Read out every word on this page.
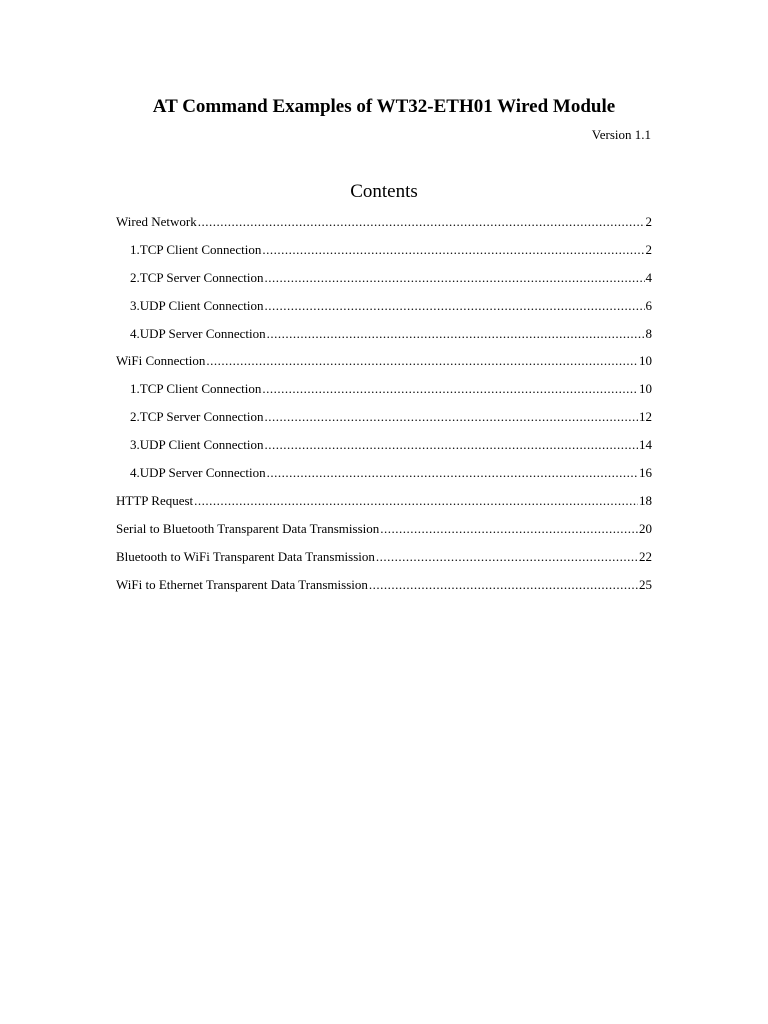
AT Command Examples of WT32-ETH01 Wired Module
Version 1.1
Contents
Wired Network .....	2
1.TCP Client Connection .....	2
2.TCP Server Connection .....	4
3.UDP Client Connection .....	6
4.UDP Server Connection .....	8
WiFi Connection .....	10
1.TCP Client Connection .....	10
2.TCP Server Connection .....	12
3.UDP Client Connection .....	14
4.UDP Server Connection .....	16
HTTP Request .....	18
Serial to Bluetooth Transparent Data Transmission .....	20
Bluetooth to WiFi Transparent Data Transmission .....	22
WiFi to Ethernet Transparent Data Transmission .....	25
